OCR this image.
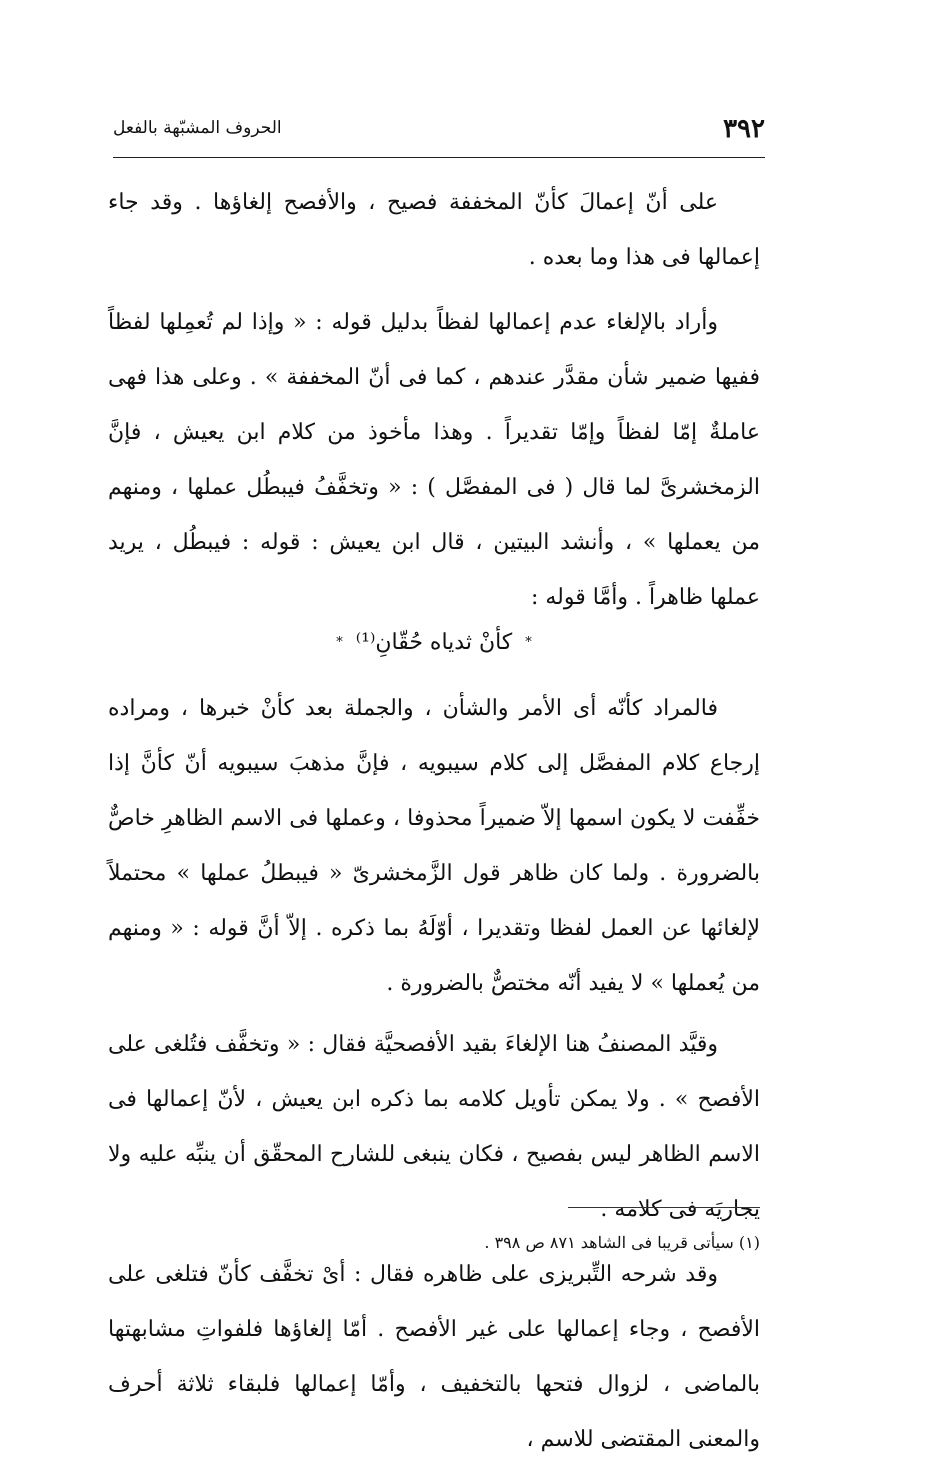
٣٩٢
الحروف المشبّهة بالفعل

على أنّ إعمالَ كأنّ المخففة فصيح ، والأفصح إلغاؤها . وقد جاء إعمالها فى هذا وما بعده .

وأراد بالإلغاء عدم إعمالها لفظاً بدليل قوله : « وإذا لم تُعمِلها لفظاً ففيها ضمير شأن مقدَّر عندهم ، كما فى أنّ المخففة » . وعلى هذا فهى عاملةٌ إمّا لفظاً وإمّا تقديراً . وهذا مأخوذ من كلام ابن يعيش ، فإنَّ الزمخشرىَّ لما قال ( فى المفصَّل ) : « وتخفَّفُ فيبطُل عملها ، ومنهم من يعملها » ، وأنشد البيتين ، قال ابن يعيش : قوله : فيبطُل ، يريد عملها ظاهراً . وأمَّا قوله :

* كأنْ ثدياه حُقّانِ⁽¹⁾ *

فالمراد كأنّه أى الأمر والشأن ، والجملة بعد كأنْ خبرها ، ومراده إرجاع كلام المفصَّل إلى كلام سيبويه ، فإنَّ مذهبَ سيبويه أنّ كأنَّ إذا خفِّفت لا يكون اسمها إلاّ ضميراً محذوفا ، وعملها فى الاسم الظاهرِ خاصٌّ بالضرورة . ولما كان ظاهر قول الزَّمخشرىّ « فيبطلُ عملها » محتملاً لإلغائها عن العمل لفظا وتقديرا ، أوّلَهُ بما ذكره . إلاّ أنَّ قوله : « ومنهم من يُعملها » لا يفيد أنّه مختصٌّ بالضرورة .

وقيَّد المصنفُ هنا الإلغاءَ بقيد الأفصحيَّة فقال : « وتخفَّف فتُلغى على الأفصح » . ولا يمكن تأويل كلامه بما ذكره ابن يعيش ، لأنّ إعمالها فى الاسم الظاهر ليس بفصيح ، فكان ينبغى للشارح المحقّق أن ينبِّه عليه ولا يجاريَه فى كلامه .

وقد شرحه التِّبريزى على ظاهره فقال : أىْ تخفَّف كأنّ فتلغى على الأفصح ، وجاء إعمالها على غير الأفصح . أمّا إلغاؤها فلفواتِ مشابهتها بالماضى ، لزوال فتحها بالتخفيف ، وأمّا إعمالها فلبقاء ثلاثة أحرف والمعنى المقتضى للاسم ،

(١) سيأتى قريبا فى الشاهد ٨٧١ ص ٣٩٨ .
